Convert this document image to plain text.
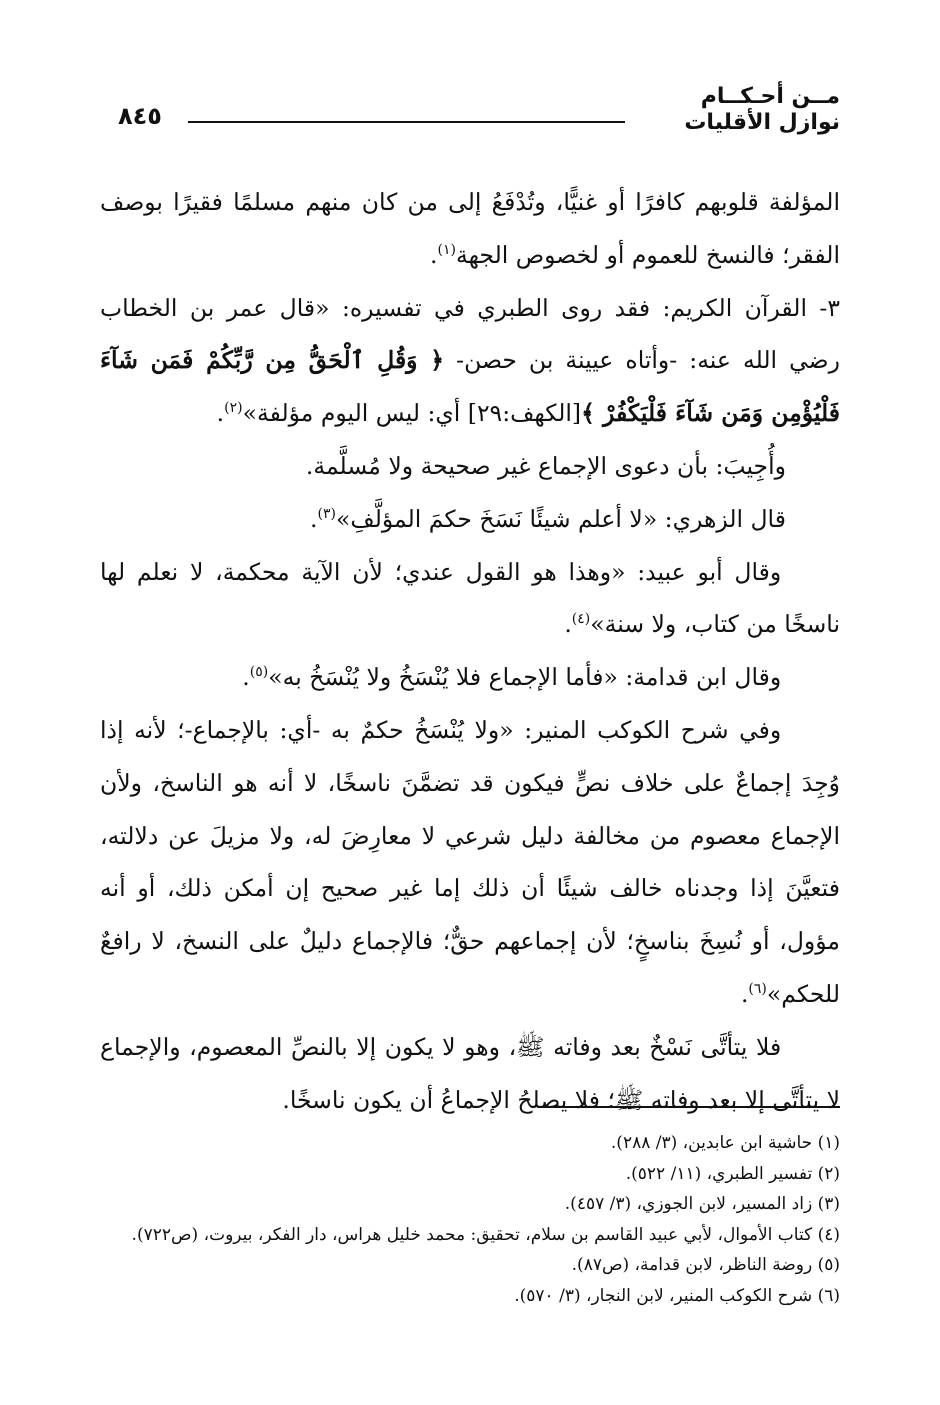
مــن أحـكــام
نوازل الأقليات
٨٤٥

المؤلفة قلوبهم كافرًا أو غنيًّا، وتُدْفَعُ إلى من كان منهم مسلمًا فقيرًا بوصف الفقر؛ فالنسخ للعموم أو لخصوص الجهة$^{(١)}$.

٣- القرآن الكريم: فقد روى الطبري في تفسيره: «قال عمر بن الخطاب رضي الله عنه: -وأتاه عيينة بن حصن- ﴿ وَقُلِ ٱلْحَقُّ مِن رَّبِّكُمْ فَمَن شَآءَ فَلْيُؤْمِن وَمَن شَآءَ فَلْيَكْفُرْ ﴾[الكهف:٢٩] أي: ليس اليوم مؤلفة»$^{(٢)}$.

وأُجِيبَ: بأن دعوى الإجماع غير صحيحة ولا مُسلَّمة.

قال الزهري: «لا أعلم شيئًا نَسَخَ حكمَ المؤلَّفِ»$^{(٣)}$.

وقال أبو عبيد: «وهذا هو القول عندي؛ لأن الآية محكمة، لا نعلم لها ناسخًا من كتاب، ولا سنة»$^{(٤)}$.

وقال ابن قدامة: «فأما الإجماع فلا يُنْسَخُ ولا يُنْسَخُ به»$^{(٥)}$.

وفي شرح الكوكب المنير: «ولا يُنْسَخُ حكمٌ به -أي: بالإجماع-؛ لأنه إذا وُجِدَ إجماعٌ على خلاف نصٍّ فيكون قد تضمَّنَ ناسخًا، لا أنه هو الناسخ، ولأن الإجماع معصوم من مخالفة دليل شرعي لا معارِضَ له، ولا مزيلَ عن دلالته، فتعيَّنَ إذا وجدناه خالف شيئًا أن ذلك إما غير صحيح إن أمكن ذلك، أو أنه مؤول، أو نُسِخَ بناسخٍ؛ لأن إجماعهم حقٌّ؛ فالإجماع دليلٌ على النسخ، لا رافعٌ للحكم»$^{(٦)}$.

فلا يتأتَّى نَسْخٌ بعد وفاته ﷺ، وهو لا يكون إلا بالنصِّ المعصوم، والإجماع لا يتأتَّى إلا بعد وفاته ﷺ؛ فلا يصلحُ الإجماعُ أن يكون ناسخًا.

(١) حاشية ابن عابدين، (٣/ ٢٨٨).
(٢) تفسير الطبري، (١١/ ٥٢٢).
(٣) زاد المسير، لابن الجوزي، (٣/ ٤٥٧).
(٤) كتاب الأموال، لأبي عبيد القاسم بن سلام، تحقيق: محمد خليل هراس، دار الفكر، بيروت، (ص٧٢٢).
(٥) روضة الناظر، لابن قدامة، (ص٨٧).
(٦) شرح الكوكب المنير، لابن النجار، (٣/ ٥٧٠).
